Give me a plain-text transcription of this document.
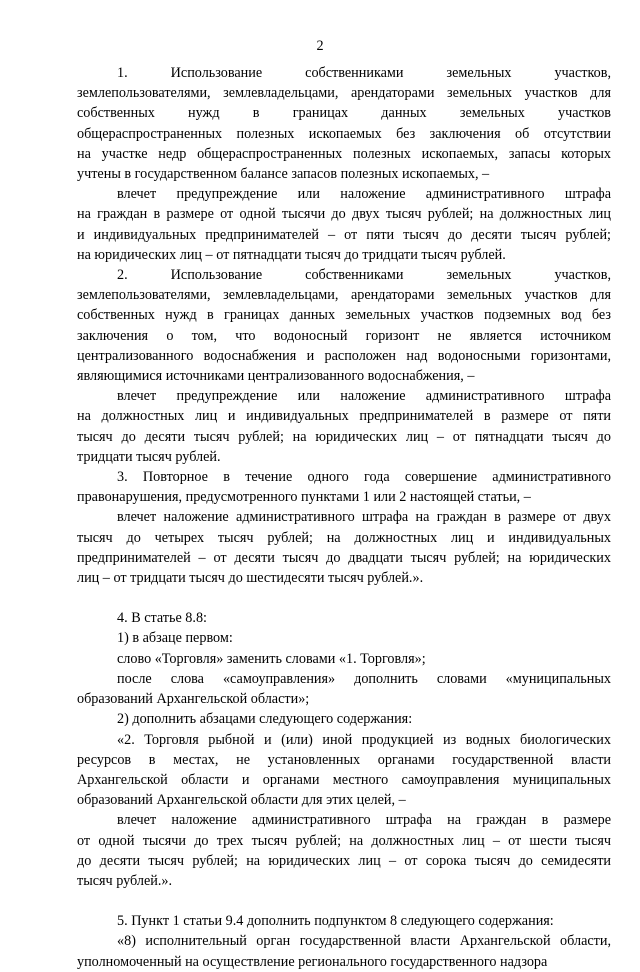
2
1. Использование собственниками земельных участков,
землепользователями, землевладельцами, арендаторами земельных участков для
собственных нужд в границах данных земельных участков
общераспространенных полезных ископаемых без заключения об отсутствии
на участке недр общераспространенных полезных ископаемых, запасы которых
учтены в государственном балансе запасов полезных ископаемых, –
влечет предупреждение или наложение административного штрафа
на граждан в размере от одной тысячи до двух тысяч рублей; на должностных лиц
и индивидуальных предпринимателей – от пяти тысяч до десяти тысяч рублей;
на юридических лиц – от пятнадцати тысяч до тридцати тысяч рублей.
2. Использование собственниками земельных участков,
землепользователями, землевладельцами, арендаторами земельных участков для
собственных нужд в границах данных земельных участков подземных вод без
заключения о том, что водоносный горизонт не является источником
централизованного водоснабжения и расположен над водоносными горизонтами,
являющимися источниками централизованного водоснабжения, –
влечет предупреждение или наложение административного штрафа
на должностных лиц и индивидуальных предпринимателей в размере от пяти
тысяч до десяти тысяч рублей; на юридических лиц – от пятнадцати тысяч до
тридцати тысяч рублей.
3. Повторное в течение одного года совершение административного
правонарушения, предусмотренного пунктами 1 или 2 настоящей статьи, –
влечет наложение административного штрафа на граждан в размере от двух
тысяч до четырех тысяч рублей; на должностных лиц и индивидуальных
предпринимателей – от десяти тысяч до двадцати тысяч рублей; на юридических
лиц – от тридцати тысяч до шестидесяти тысяч рублей.».
4. В статье 8.8:
1) в абзаце первом:
слово «Торговля» заменить словами «1. Торговля»;
после слова «самоуправления» дополнить словами «муниципальных
образований Архангельской области»;
2) дополнить абзацами следующего содержания:
«2. Торговля рыбной и (или) иной продукцией из водных биологических
ресурсов в местах, не установленных органами государственной власти
Архангельской области и органами местного самоуправления муниципальных
образований Архангельской области для этих целей, –
влечет наложение административного штрафа на граждан в размере
от одной тысячи до трех тысяч рублей; на должностных лиц – от шести тысяч
до десяти тысяч рублей; на юридических лиц – от сорока тысяч до семидесяти
тысяч рублей.».
5. Пункт 1 статьи 9.4 дополнить подпунктом 8 следующего содержания:
«8) исполнительный орган государственной власти Архангельской области,
уполномоченный на осуществление регионального государственного надзора
